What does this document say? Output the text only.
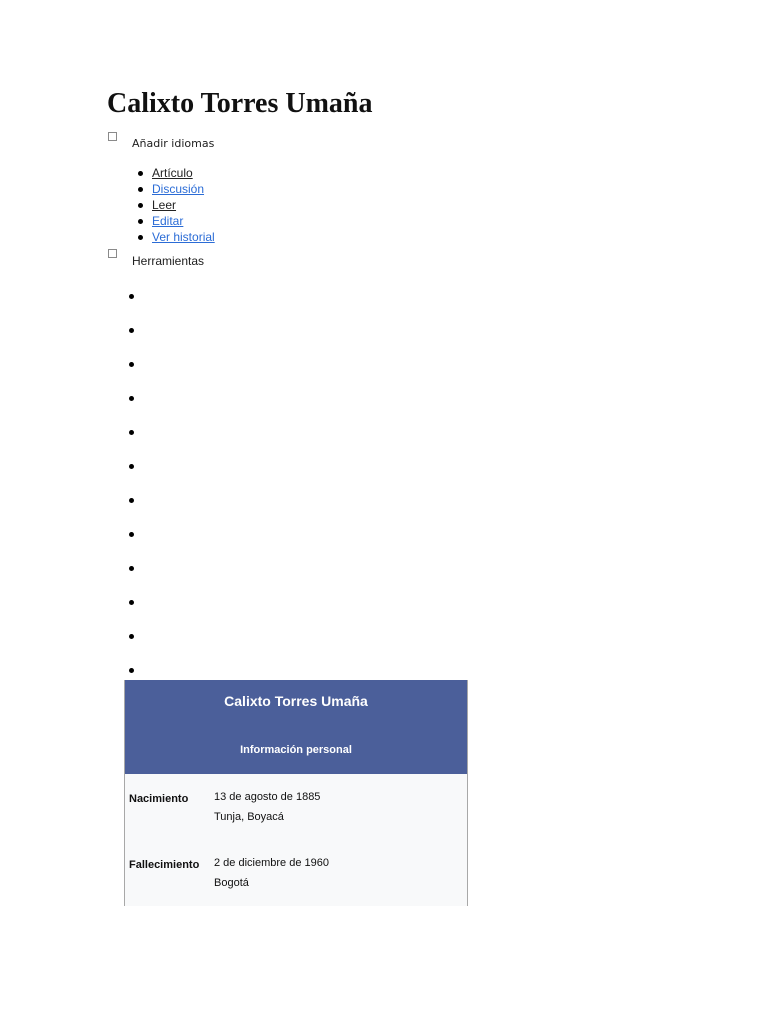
Calixto Torres Umaña
Añadir idiomas
Artículo
Discusión
Leer
Editar
Ver historial
Herramientas
Calixto Torres Umaña
Información personal
Nacimiento 13 de agosto de 1885
Tunja, Boyacá
Fallecimiento 2 de diciembre de 1960
Bogotá
